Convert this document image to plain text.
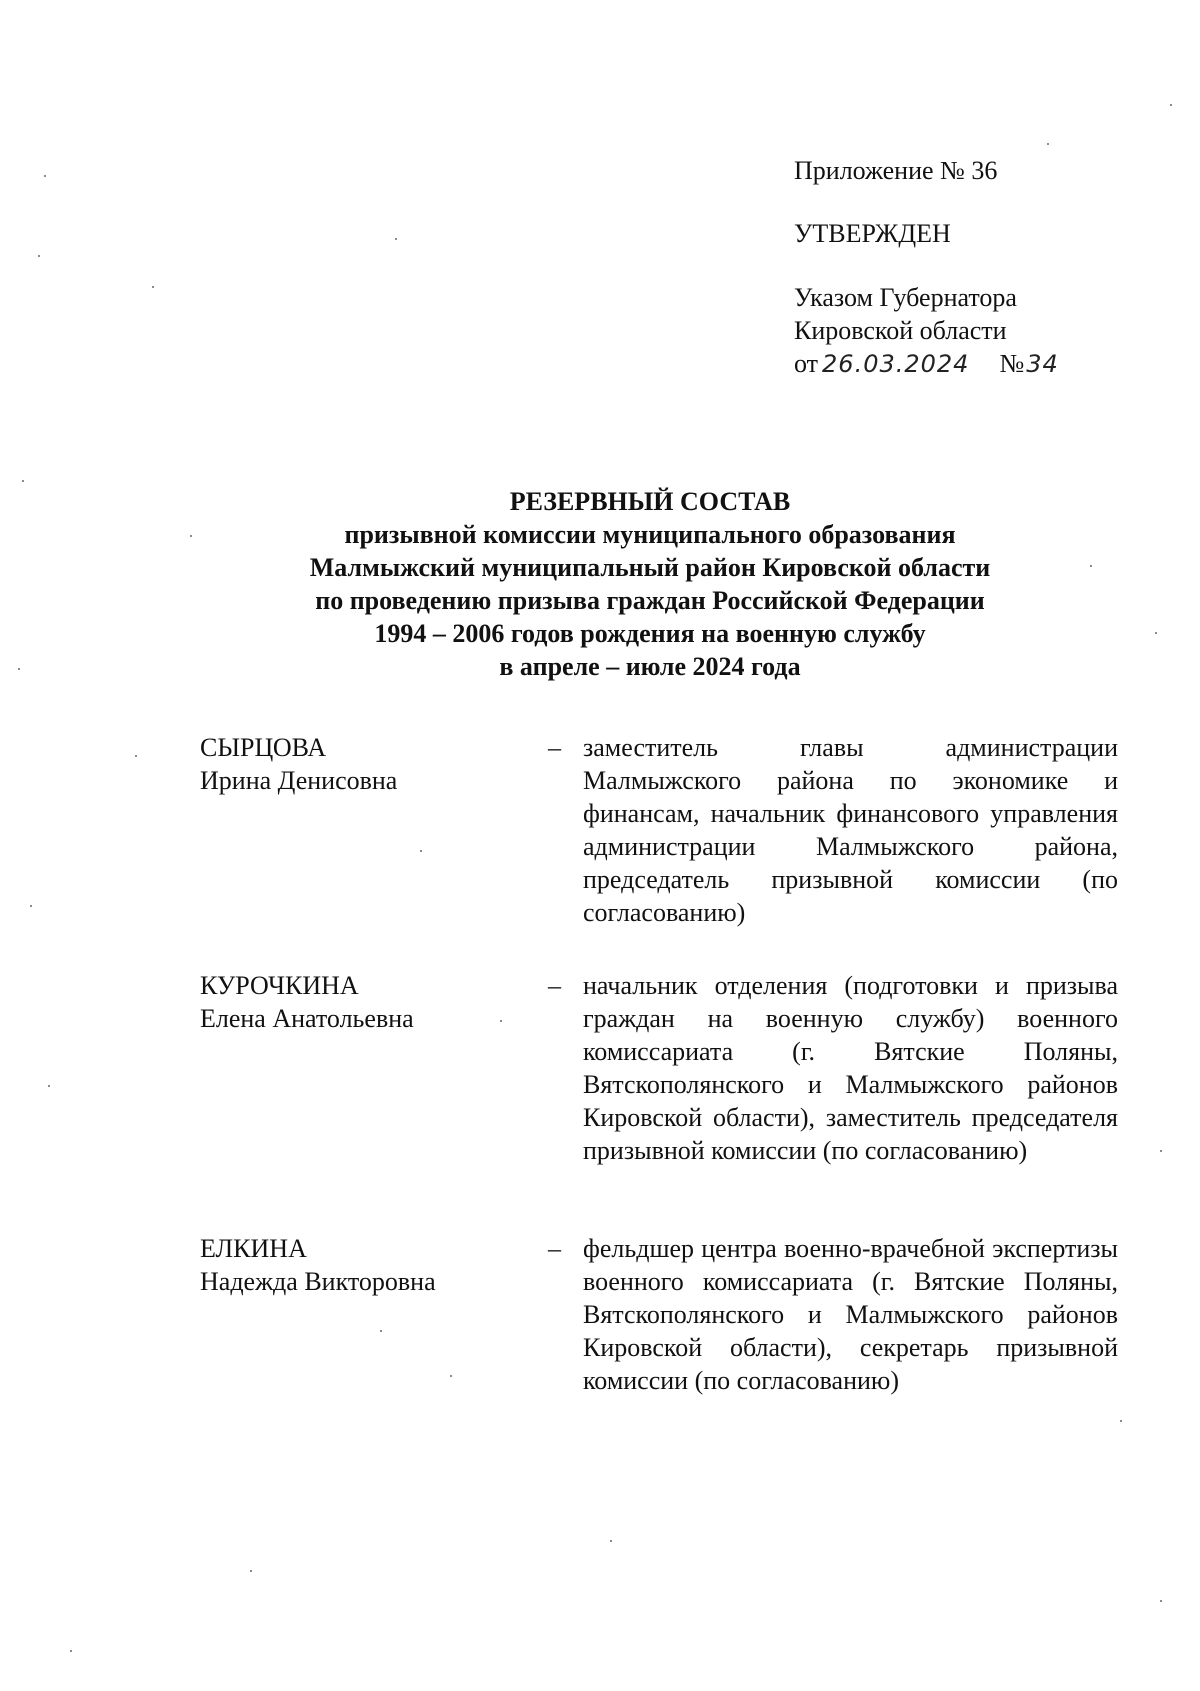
Приложение № 36
УТВЕРЖДЕН
Указом Губернатора
Кировской области
от 26.03.2024 №34
РЕЗЕРВНЫЙ СОСТАВ
призывной комиссии муниципального образования
Малмыжский муниципальный район Кировской области
по проведению призыва граждан Российской Федерации
1994 – 2006 годов рождения на военную службу
в апреле – июле 2024 года
СЫРЦОВА
Ирина Денисовна
– заместитель главы администрации Малмыжского района по экономике и финансам, начальник финансового управления администрации Малмыжского района, председатель призывной комиссии (по согласованию)
КУРОЧКИНА
Елена Анатольевна
– начальник отделения (подготовки и призыва граждан на военную службу) военного комиссариата (г. Вятские Поляны, Вятскополянского и Малмыжского районов Кировской области), заместитель председателя призывной комиссии (по согласованию)
ЕЛКИНА
Надежда Викторовна
– фельдшер центра военно-врачебной экспертизы военного комиссариата (г. Вятские Поляны, Вятскополянского и Малмыжского районов Кировской области), секретарь призывной комиссии (по согласованию)
